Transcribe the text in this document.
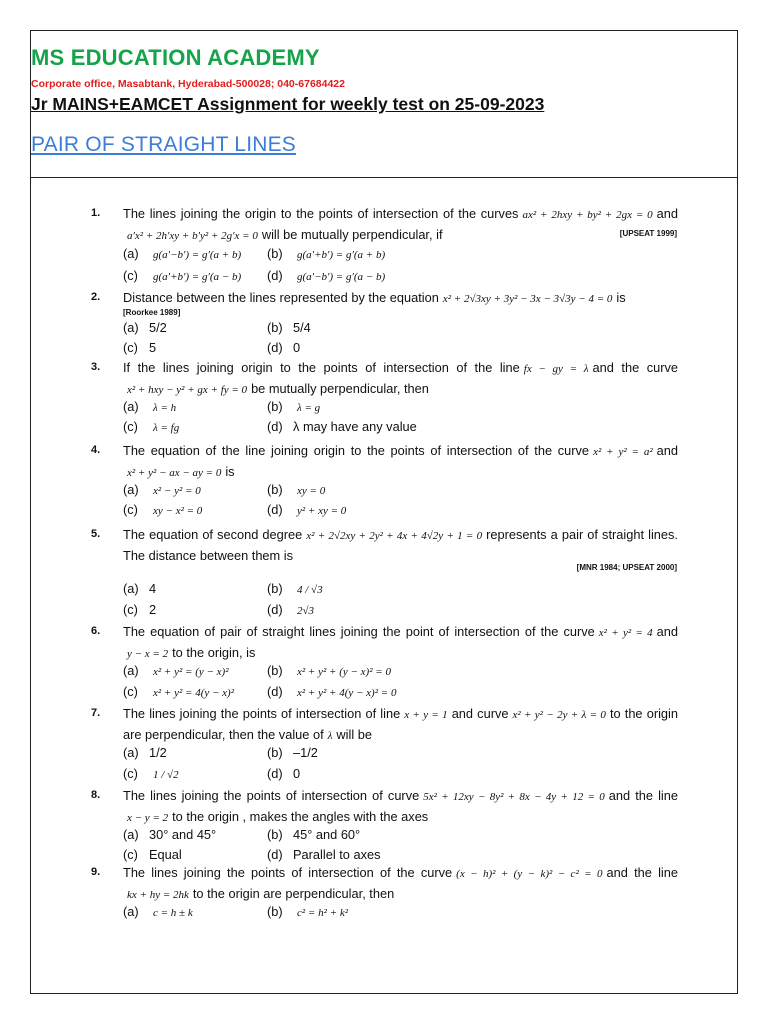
MS EDUCATION ACADEMY
Corporate office, Masabtank, Hyderabad-500028; 040-67684422
Jr MAINS+EAMCET Assignment for weekly test on 25-09-2023
PAIR OF STRAIGHT LINES
1. The lines joining the origin to the points of intersection of the curves ax² + 2hxy + by² + 2gx = 0 and a′x² + 2h′xy + b′y² + 2g′x = 0 will be mutually perpendicular, if	[UPSEAT 1999]
(a) g(a′−b′) = g′(a + b)	(b) g(a′+b′) = g′(a + b)
(c) g(a′+b′) = g′(a − b)	(d) g(a′−b′) = g′(a − b)
2. Distance between the lines represented by the equation x² + 2√3xy + 3y² − 3x − 3√3y − 4 = 0 is
[Roorkee 1989]
(a) 5/2	(b) 5/4
(c) 5	(d) 0
3. If the lines joining origin to the points of intersection of the line fx − gy = λ and the curve x² + hxy − y² + gx + fy = 0 be mutually perpendicular, then
(a) λ = h	(b) λ = g
(c) λ = fg	(d) λ may have any value
4. The equation of the line joining origin to the points of intersection of the curve x² + y² = a² and x² + y² − ax − ay = 0 is
(a) x² − y² = 0	(b) xy = 0
(c) xy − x² = 0	(d) y² + xy = 0
5. The equation of second degree x² + 2√2xy + 2y² + 4x + 4√2y + 1 = 0 represents a pair of straight lines. The distance between them is
[MNR 1984; UPSEAT 2000]
(a) 4	(b) 4 / √3
(c) 2	(d) 2√3
6. The equation of pair of straight lines joining the point of intersection of the curve x² + y² = 4 and y − x = 2 to the origin, is
(a) x² + y² = (y − x)²	(b) x² + y² + (y − x)² = 0
(c) x² + y² = 4(y − x)²	(d) x² + y² + 4(y − x)² = 0
7. The lines joining the points of intersection of line x + y = 1 and curve x² + y² − 2y + λ = 0 to the origin are perpendicular, then the value of λ will be
(a) 1/2	(b) –1/2
(c) 1 / √2	(d) 0
8. The lines joining the points of intersection of curve 5x² + 12xy − 8y² + 8x − 4y + 12 = 0 and the line x − y = 2 to the origin , makes the angles with the axes
(a) 30° and 45°	(b) 45° and 60°
(c) Equal	(d) Parallel to axes
9. The lines joining the points of intersection of the curve (x − h)² + (y − k)² − c² = 0 and the line kx + hy = 2hk to the origin are perpendicular, then
(a) c = h ± k	(b) c² = h² + k²
